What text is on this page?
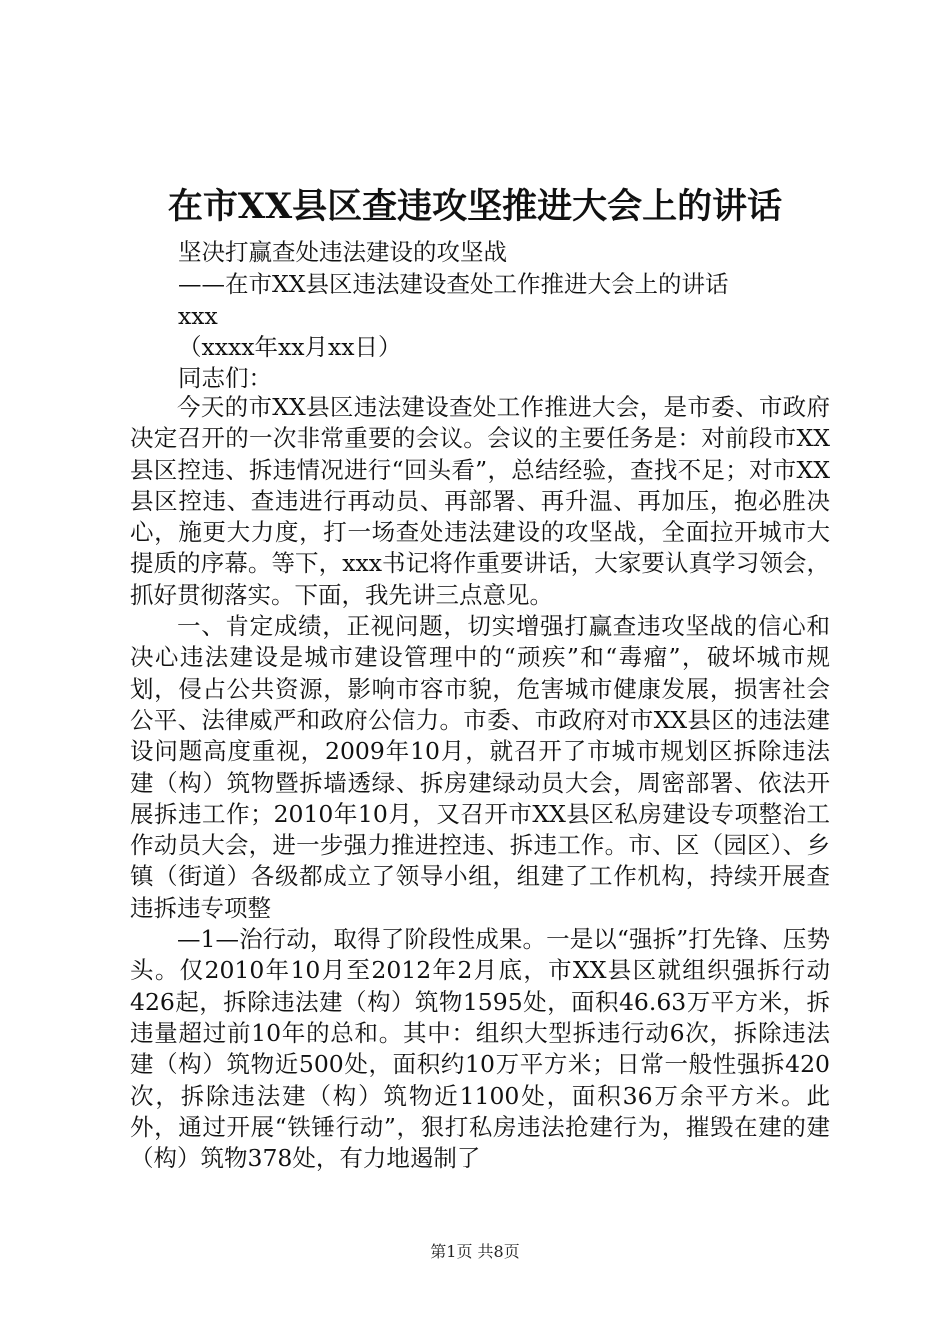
在市XX县区查违攻坚推进大会上的讲话
坚决打赢查处违法建设的攻坚战
——在市XX县区违法建设查处工作推进大会上的讲话
xxx
（xxxx年xx月xx日）
同志们：

今天的市XX县区违法建设查处工作推进大会，是市委、市政府决定召开的一次非常重要的会议。会议的主要任务是：对前段市XX县区控违、拆违情况进行“回头看”，总结经验，查找不足；对市XX县区控违、查违进行再动员、再部署、再升温、再加压，抱必胜决心，施更大力度，打一场查处违法建设的攻坚战，全面拉开城市大提质的序幕。等下，xxx书记将作重要讲话，大家要认真学习领会，抓好贯彻落实。下面，我先讲三点意见。

一、肯定成绩，正视问题，切实增强打赢查违攻坚战的信心和决心违法建设是城市建设管理中的“顽疾”和“毒瘤”，破坏城市规划，侵占公共资源，影响市容市貌，危害城市健康发展，损害社会公平、法律威严和政府公信力。市委、市政府对市XX县区的违法建设问题高度重视，2009年10月，就召开了市城市规划区拆除违法建（构）筑物暨拆墙透绿、拆房建绿动员大会，周密部署、依法开展拆违工作；2010年10月，又召开市XX县区私房建设专项整治工作动员大会，进一步强力推进控违、拆违工作。市、区（园区）、乡镇（街道）各级都成立了领导小组，组建了工作机构，持续开展查违拆违专项整

—1—治行动，取得了阶段性成果。一是以“强拆”打先锋、压势头。仅2010年10月至2012年2月底，市XX县区就组织强拆行动426起，拆除违法建（构）筑物1595处，面积46.63万平方米，拆违量超过前10年的总和。其中：组织大型拆违行动6次，拆除违法建（构）筑物近500处，面积约10万平方米；日常一般性强拆420次，拆除违法建（构）筑物近1100处，面积36万余平方米。此外，通过开展“铁锤行动”，狠打私房违法抢建行为，摧毁在建的建（构）筑物378处，有力地遏制了

第1页 共8页
